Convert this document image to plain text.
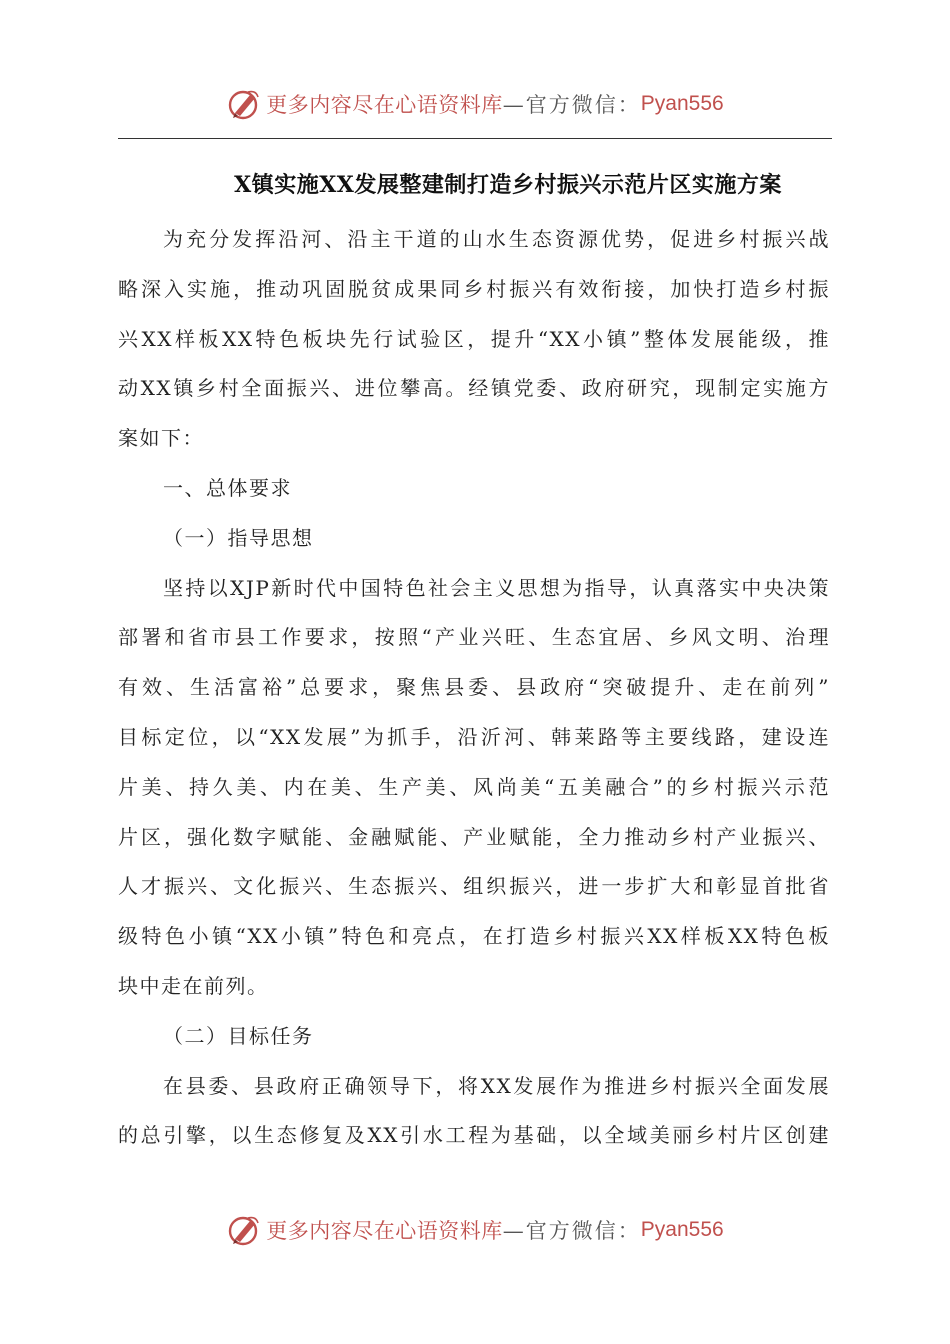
更多内容尽在心语资料库 —官方微信： Pyan556
X镇实施XX发展整建制打造乡村振兴示范片区实施方案
为充分发挥沿河、沿主干道的山水生态资源优势，促进乡村振兴战
略深入实施，推动巩固脱贫成果同乡村振兴有效衔接，加快打造乡村振
兴XX样板XX特色板块先行试验区，提升“XX小镇”整体发展能级，推
动XX镇乡村全面振兴、进位攀高。经镇党委、政府研究，现制定实施方
案如下：
一、总体要求
（一）指导思想
坚持以XJP新时代中国特色社会主义思想为指导，认真落实中央决策
部署和省市县工作要求，按照“产业兴旺、生态宜居、乡风文明、治理
有效、生活富裕”总要求，聚焦县委、县政府“突破提升、走在前列”
目标定位，以“XX发展”为抓手，沿沂河、韩莱路等主要线路，建设连
片美、持久美、内在美、生产美、风尚美“五美融合”的乡村振兴示范
片区，强化数字赋能、金融赋能、产业赋能，全力推动乡村产业振兴、
人才振兴、文化振兴、生态振兴、组织振兴，进一步扩大和彰显首批省
级特色小镇“XX小镇”特色和亮点，在打造乡村振兴XX样板XX特色板
块中走在前列。
（二）目标任务
在县委、县政府正确领导下，将XX发展作为推进乡村振兴全面发展
的总引擎，以生态修复及XX引水工程为基础，以全域美丽乡村片区创建
更多内容尽在心语资料库 —官方微信： Pyan556
